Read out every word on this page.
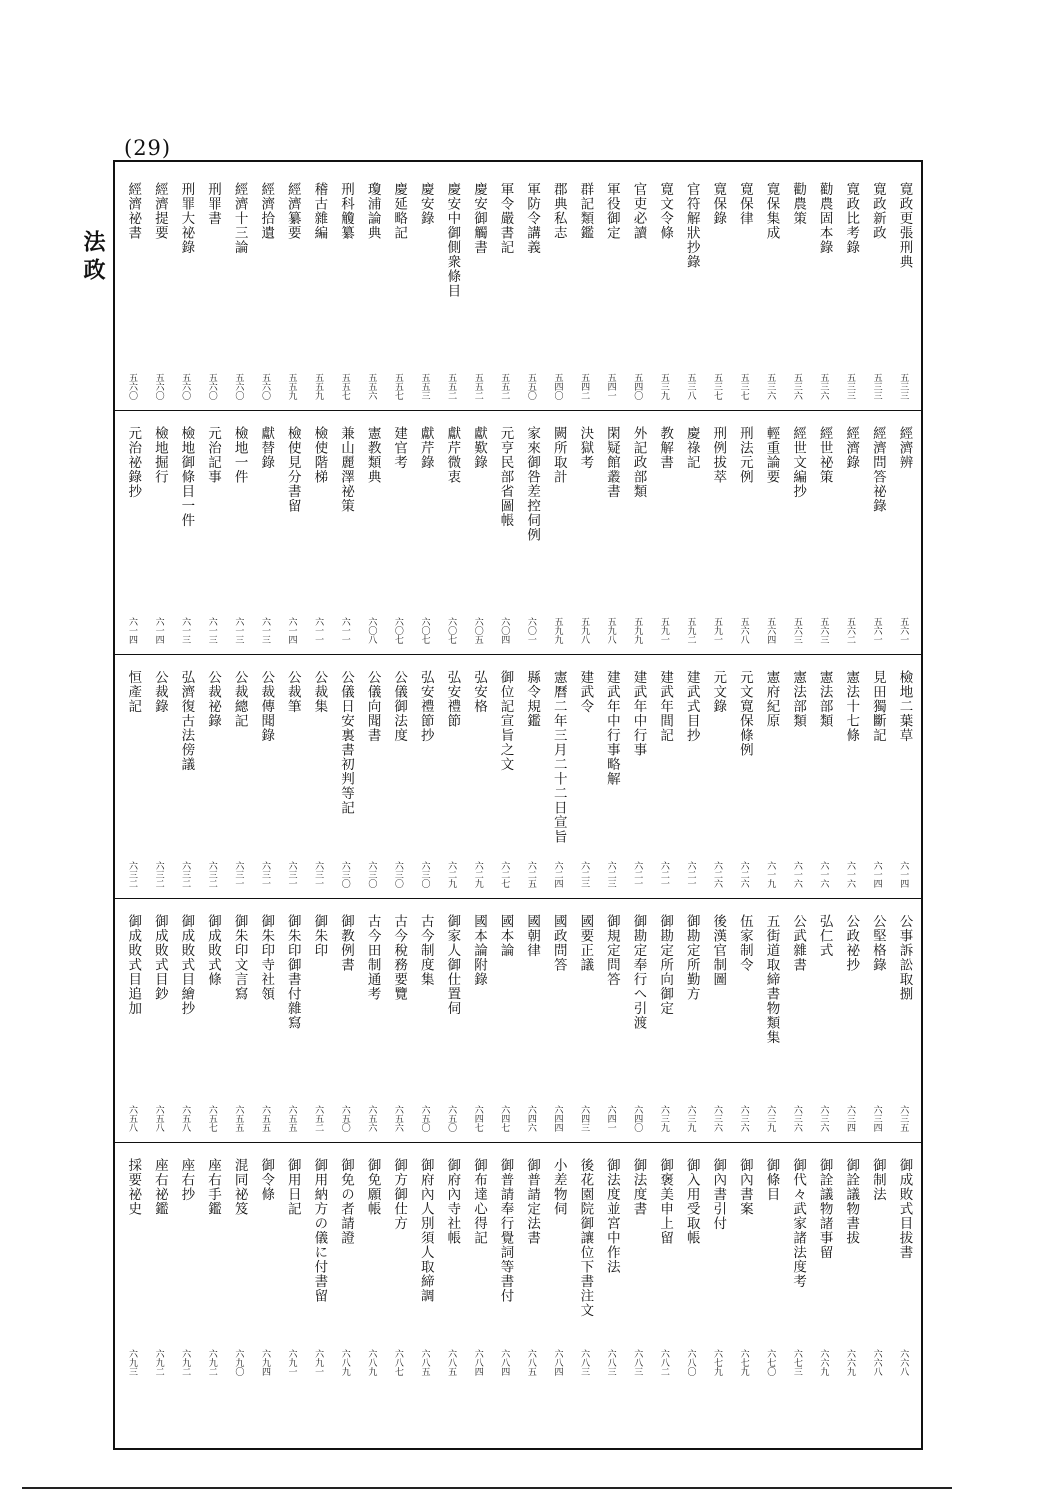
(29)
法政	寛政更張刑典
五三三
寛政新政
五三三
寛政比考錄
五三三
勸農固本錄
五三六
勸農策
五三六
寛保集成
五三六
寛保律
五三七
寛保錄
五三七
官符解狀抄錄
五三八
寛文令條
五三九
官吏必讀
五四〇
軍役御定
五四一
群記類鑑
五四二
郡典私志
五四〇
軍防令講義
五五〇
軍令嚴書記
五五二
慶安御觸書
五五二
慶安中御側衆條目
五五二
慶安錄
五五三
慶延略記
五五七
瓊浦論典
五五六
刑科觼纂
五五七
稽古雜編
五五九
經濟纂要
五五九
經濟拾遺
五六〇
經濟十三論
五六〇
刑罪書
五六〇
刑罪大祕錄
五六〇
經濟提要
五六〇
經濟祕書
五六〇
經濟辨
五六一
經濟問答祕錄
五六一
經濟錄
五六二
經世祕策
五六三
經世文編抄
五六三
輕重論要
五六四
刑法元例
五六八
刑例拔萃
五九一
慶祿記
五九二
教解書
五九一
外記政部類
五九九
閑疑館叢書
五九八
決獄考
五九八
闕所取計
五九九
家來御咎差控伺例
六〇一
元亨民部省圖帳
六〇四
獻歎錄
六〇五
獻芹微衷
六〇七
獻芹錄
六〇七
建官考
六〇七
憲教類典
六〇八
兼山麗澤祕策
六一一
檢使階梯
六一一
檢使見分書留
六一四
獻替錄
六一三
檢地一件
六一三
元治記事
六一三
檢地御條目一件
六一三
檢地掘行
六一四
元治祕錄抄
六一四
檢地二葉草
六一四
見田獨斷記
六一四
憲法十七條
六一六
憲法部類
六一六
憲法部類
六一六
憲府紀原
六一九
元文寛保條例
六二六
元文錄
六二六
建武式目抄
六二一
建武年間記
六二一
建武年中行事
六二一
建武年中行事略解
六二三
建武令
六二三
憲曆二年三月二十二日宣旨
六二四
縣令規鑑
六二五
御位記宣旨之文
六二七
弘安格
六二九
弘安禮節
六二九
弘安禮節抄
六三〇
公儀御法度
六三〇
公儀向聞書
六三〇
公儀日安裏書初判等記
六三〇
公裁集
六三一
公裁筆
六三一
公裁傳聞錄
六三一
公裁總記
六三一
公裁祕錄
六三二
弘濟復古法傍議
六三二
公裁錄
六三二
恒產記
六三二
公事訴訟取捌
六三五
公堅格錄
六三四
公政祕抄
六三四
弘仁式
六三六
公武雜書
六三六
五街道取締書物類集
六三九
伍家制令
六三六
後漢官制圖
六三六
御勘定所勤方
六三九
御勘定所向御定
六三九
御勘定奉行へ引渡
六四〇
御規定問答
六四一
國要正議
六四三
國政問答
六四四
國朝律
六四六
國本論
六四七
國本論附錄
六四七
御家人御仕置伺
六五〇
古今制度集
六五〇
古今稅務要覽
六五六
古今田制通考
六五六
御教例書
六五〇
御朱印
六五二
御朱印御書付雜寫
六五五
御朱印寺社領
六五五
御朱印文言寫
六五五
御成敗式條
六五七
御成敗式目繪抄
六五八
御成敗式目鈔
六五八
御成敗式目追加
六五八
御成敗式目拔書
六六八
御制法
六六八
御詮議物書拔
六六九
御詮議物諸事留
六六九
御代々武家諸法度考
六七三
御條目
六七〇
御內書案
六七九
御內書引付
六七九
御入用受取帳
六八〇
御褒美申上留
六八二
御法度書
六八三
御法度並宮中作法
六八三
後花園院御讓位下書注文
六八三
小差物伺
六八四
御普請定法書
六八五
御普請奉行覺詞等書付
六八四
御布達心得記
六八四
御府內寺社帳
六八五
御府內人別須人取締調
六八五
御方御仕方
六八七
御免願帳
六八九
御免の者請證
六八九
御用納方の儀に付書留
六九一
御用日記
六九一
御令條
六九四
混同祕笈
六九〇
座右手鑑
六九二
座右抄
六九二
座右祕鑑
六九二
採要祕史
六九三
